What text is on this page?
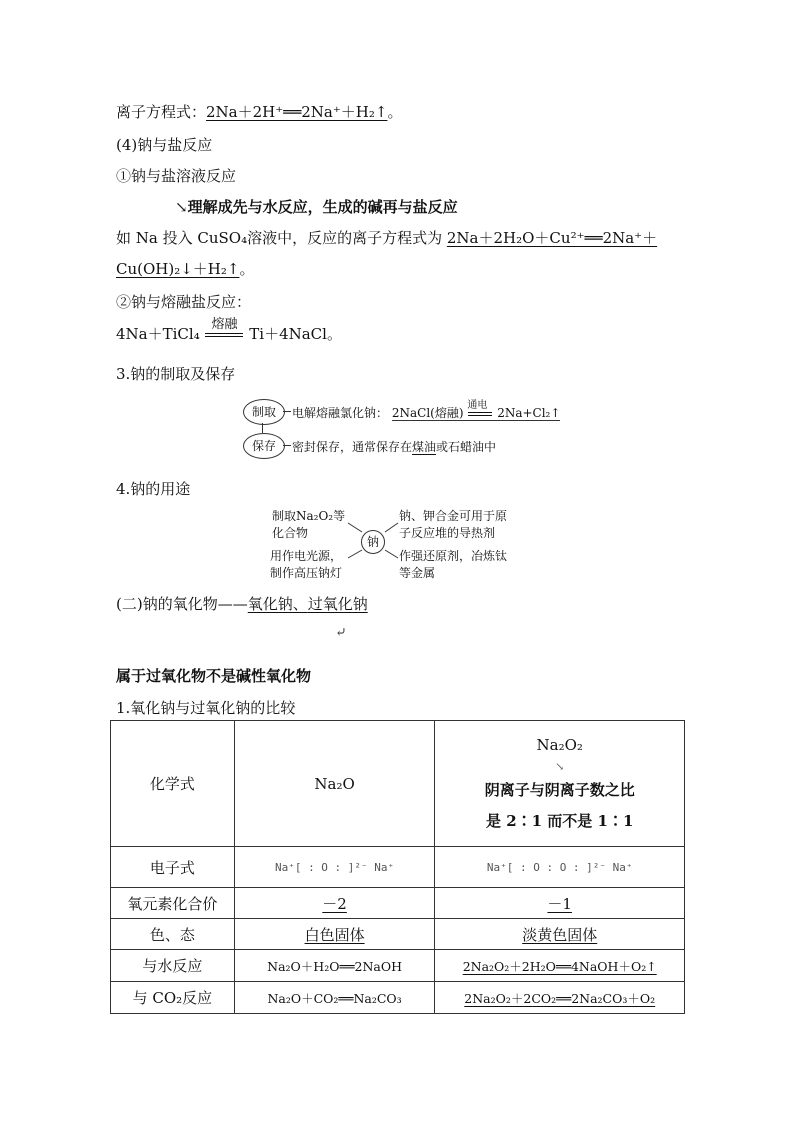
离子方程式：2Na＋2H⁺══2Na⁺＋H₂↑。
(4)钠与盐反应
①钠与盐溶液反应
↘理解成先与水反应，生成的碱再与盐反应
如 Na 投入 CuSO₄溶液中，反应的离子方程式为 2Na＋2H₂O＋Cu²⁺══2Na⁺＋
Cu(OH)₂↓＋H₂↑。
②钠与熔融盐反应：
4Na＋TiCl₄
熔融
Ti＋4NaCl。
3.钠的制取及保存
制取
保存
电解熔融氯化钠： 2NaCl(熔融)
通电
2Na+Cl₂↑
密封保存，通常保存在煤油或石蜡油中
4.钠的用途
制取Na₂O₂等
化合物
用作电光源，
制作高压钠灯
钠、钾合金可用于原
子反应堆的导热剂
作强还原剂，冶炼钛
等金属
钠
(二)钠的氧化物——氧化钠、过氧化钠
⤶
属于过氧化物不是碱性氧化物
1.氧化钠与过氧化钠的比较
化学式	Na₂O	Na₂O₂
↘
阴离子与阴离子数之比
是 2∶1 而不是 1∶1

电子式	Na⁺[ : O : ]²⁻ Na⁺	Na⁺[ : O : O : ]²⁻ Na⁺
氧元素化合价	－2	－1
色、态	白色固体	淡黄色固体
与水反应	Na₂O＋H₂O══2NaOH	2Na₂O₂＋2H₂O══4NaOH＋O₂↑
与 CO₂反应	Na₂O＋CO₂══Na₂CO₃	2Na₂O₂＋2CO₂══2Na₂CO₃＋O₂
